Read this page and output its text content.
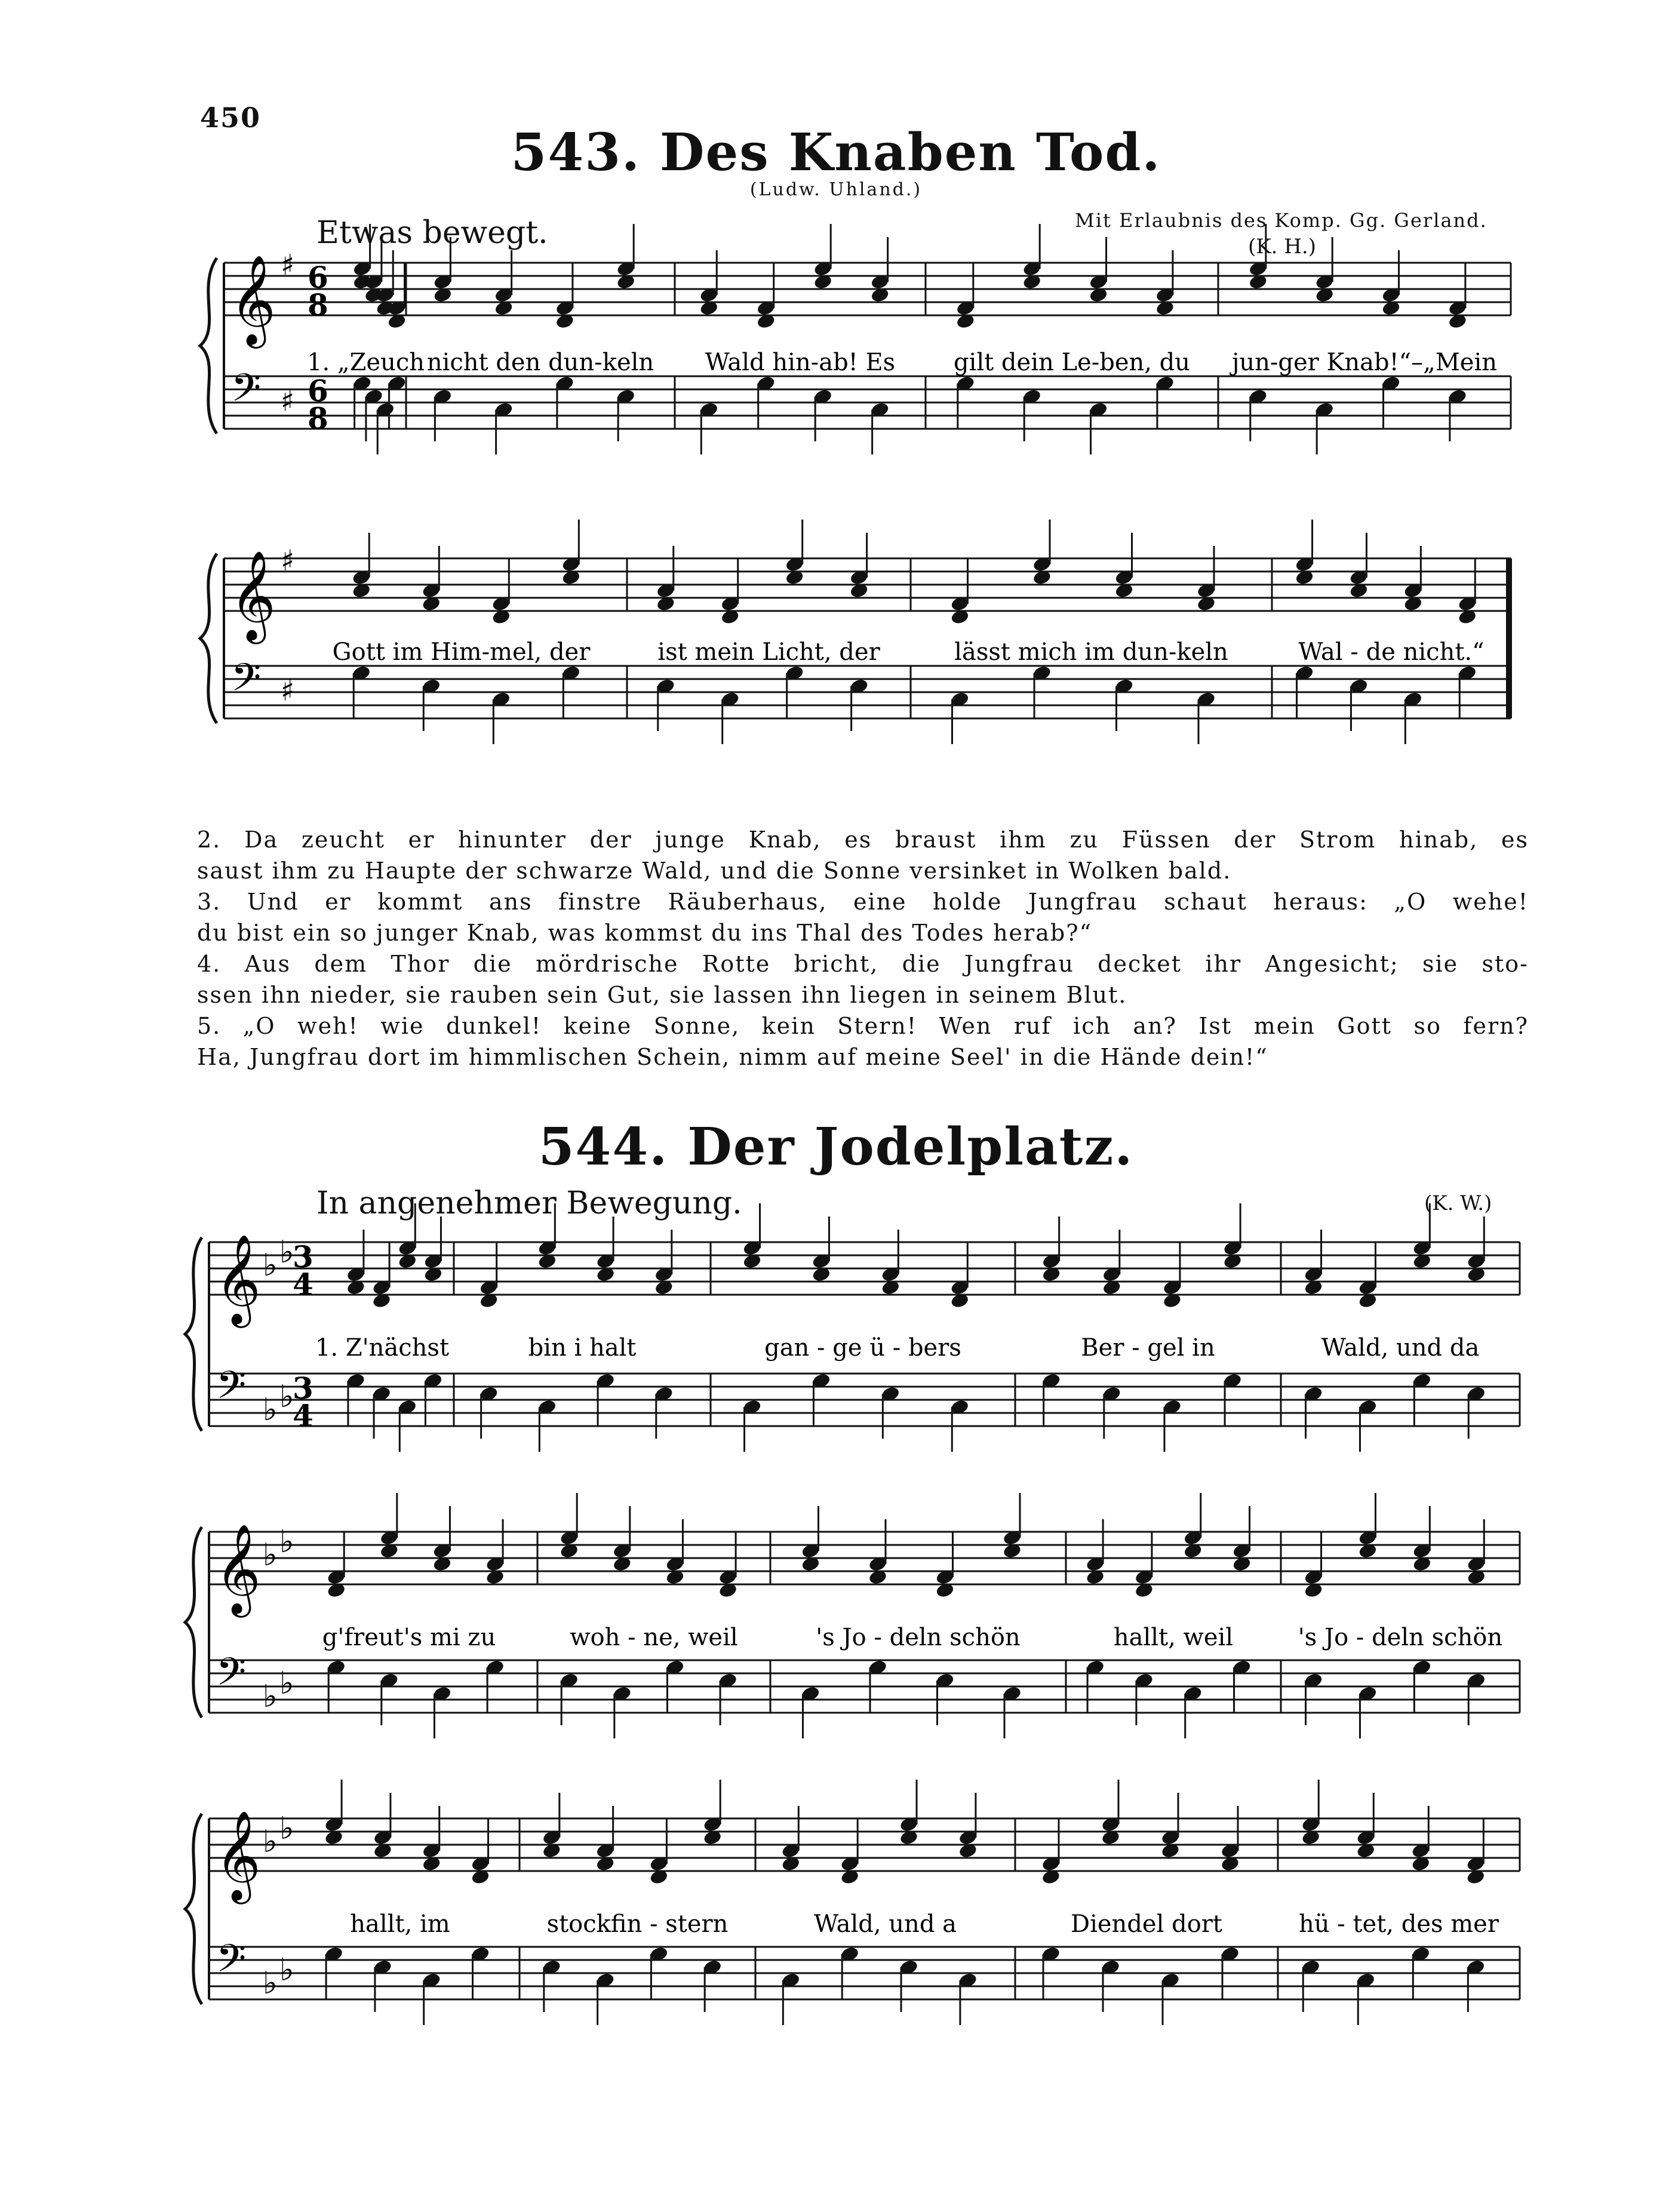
450
543. Des Knaben Tod.
(Ludw. Uhland.)
Etwas bewegt.	Mit Erlaubnis des Komp. Gg. Gerland.
(K. H.)
𝄞
𝄢
♯
♯
6
8
6
8
1. „Zeuch nicht den dun-keln Wald hin-ab! Es gilt dein Le-ben, du jun-ger Knab!“–„Mein
𝄞
𝄢
♯
♯
Gott im Him-mel, der	ist mein Licht, der	lässt mich im dun-keln	Wal - de nicht.“
𝄞
𝄢
♭ ♭
♭ ♭
3
4
3
4
1. Z'nächst	bin i halt	gan - ge ü - bers	Ber - gel in	Wald, und da
𝄞
𝄢
♭ ♭
♭ ♭
g'freut's mi zu	woh - ne, weil	's Jo - deln schön	hallt, weil	's Jo - deln schön
𝄞
𝄢
♭ ♭
♭ ♭
hallt, im	stockfin - stern	Wald, und a	Diendel dort	hü - tet, des mer

2. Da zeucht er hinunter der junge Knab, es braust ihm zu Füssen der Strom hinab, es

saust ihm zu Haupte der schwarze Wald, und die Sonne versinket in Wolken bald.

3. Und er kommt ans finstre Räuberhaus, eine holde Jungfrau schaut heraus: „O wehe!

du bist ein so junger Knab, was kommst du ins Thal des Todes herab?“

4. Aus dem Thor die mördrische Rotte bricht, die Jungfrau decket ihr Angesicht; sie sto-

ssen ihn nieder, sie rauben sein Gut, sie lassen ihn liegen in seinem Blut.

5. „O weh! wie dunkel! keine Sonne, kein Stern! Wen ruf ich an? Ist mein Gott so fern?

Ha, Jungfrau dort im himmlischen Schein, nimm auf meine Seel' in die Hände dein!“

544. Der Jodelplatz.
In angenehmer Bewegung.	(K. W.)
